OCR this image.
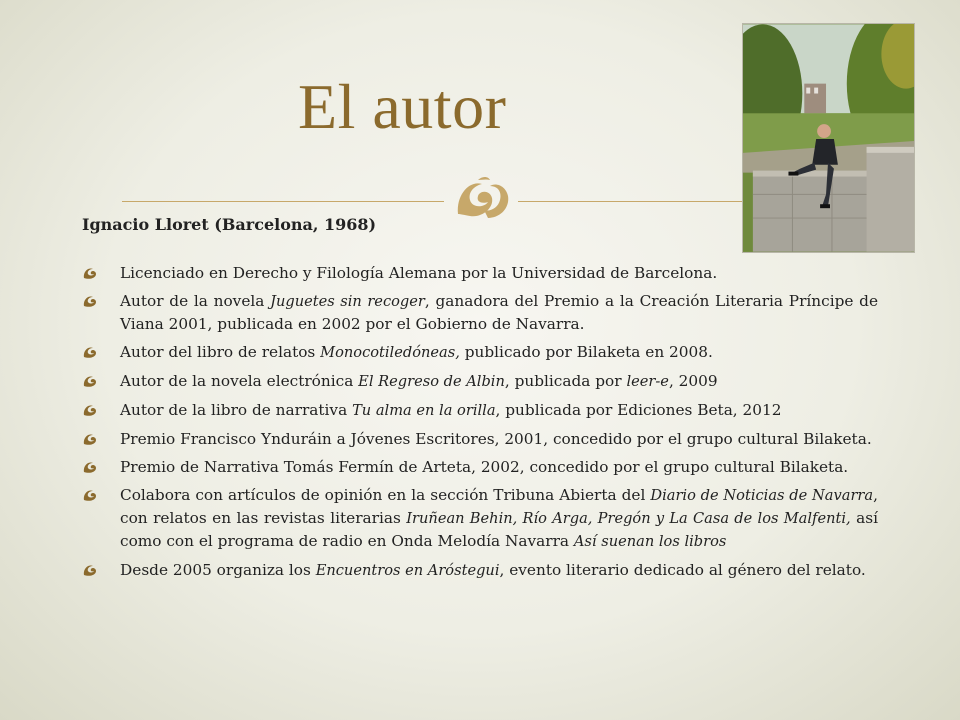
El autor
Ignacio Lloret (Barcelona, 1968)
Licenciado en Derecho y Filología Alemana por la Universidad de Barcelona.
Autor de la novela Juguetes sin recoger, ganadora del Premio a la Creación Literaria Príncipe de Viana 2001, publicada en 2002 por el Gobierno de Navarra.
Autor del libro de relatos Monocotiledóneas, publicado por Bilaketa en 2008.
Autor de la novela electrónica El Regreso de Albin, publicada por leer-e, 2009
Autor de la libro de narrativa Tu alma en la orilla, publicada por Ediciones Beta, 2012
Premio Francisco Ynduráin a Jóvenes Escritores, 2001, concedido por el grupo cultural Bilaketa.
Premio de Narrativa Tomás Fermín de Arteta, 2002, concedido por el grupo cultural Bilaketa.
Colabora con artículos de opinión en la sección Tribuna Abierta del Diario de Noticias de Navarra, con relatos en las revistas literarias Iruñean Behin, Río Arga, Pregón y La Casa de los Malfenti, así como con el programa de radio en Onda Melodía Navarra Así suenan los libros
Desde 2005 organiza los Encuentros en Aróstegui, evento literario dedicado al género del relato.
